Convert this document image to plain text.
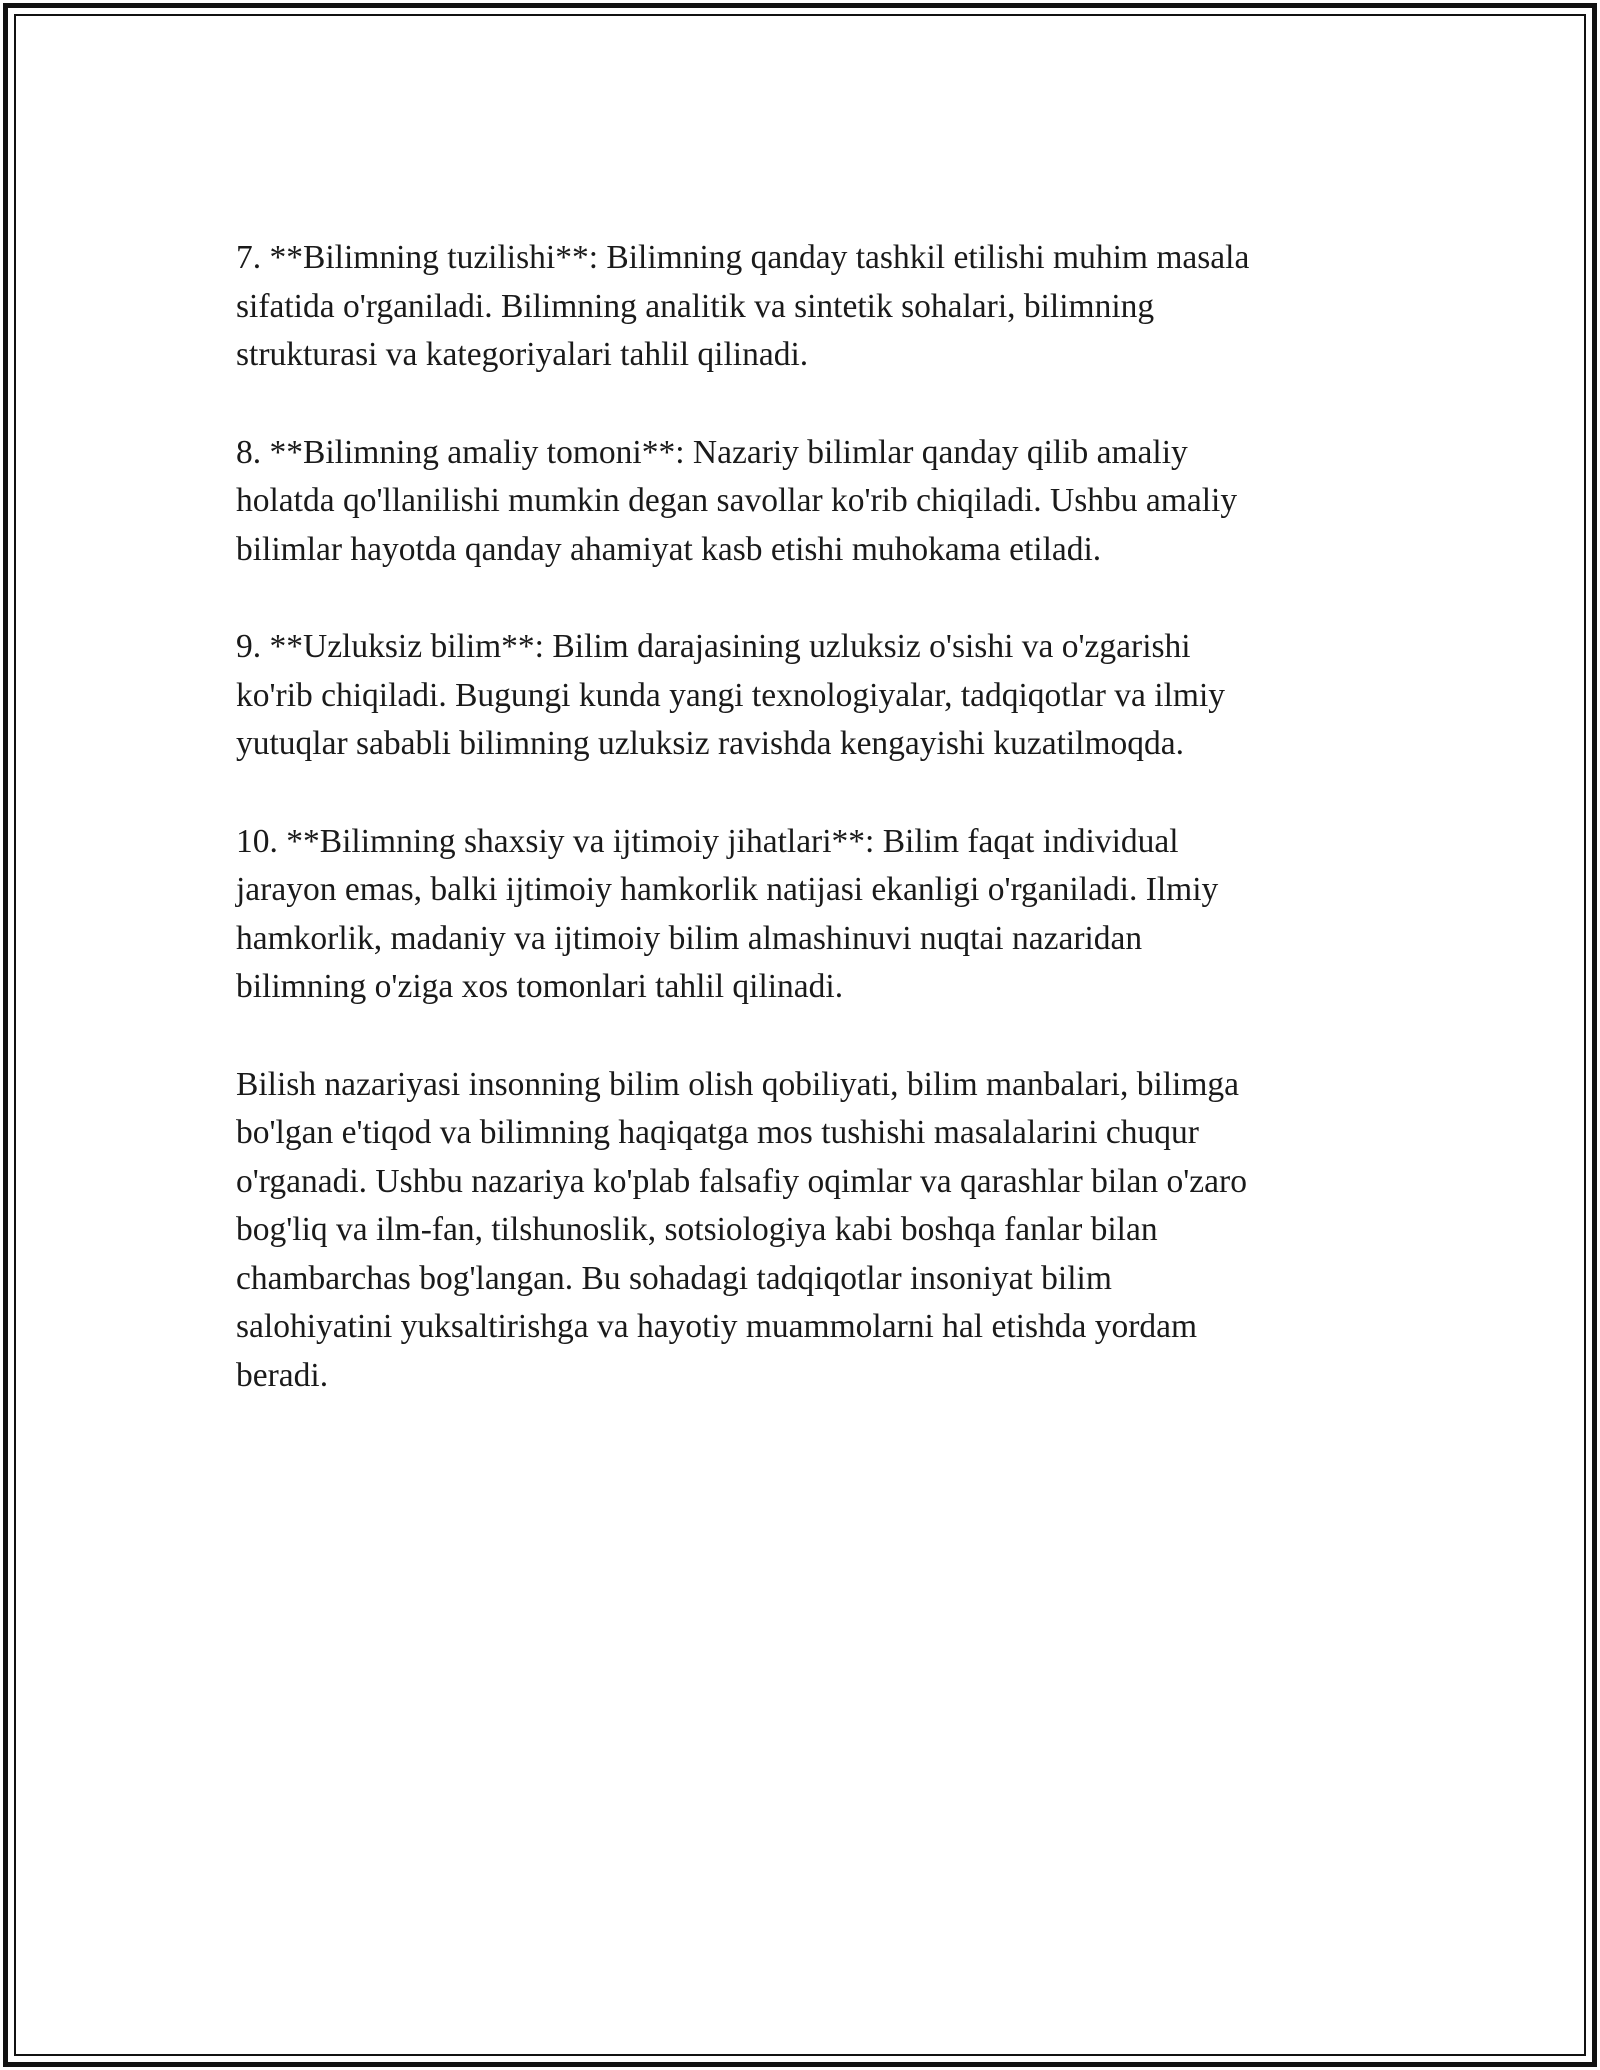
7. **Bilimning tuzilishi**: Bilimning qanday tashkil etilishi muhim masala
sifatida o'rganiladi. Bilimning analitik va sintetik sohalari, bilimning
strukturasi va kategoriyalari tahlil qilinadi.

8. **Bilimning amaliy tomoni**: Nazariy bilimlar qanday qilib amaliy
holatda qo'llanilishi mumkin degan savollar ko'rib chiqiladi. Ushbu amaliy
bilimlar hayotda qanday ahamiyat kasb etishi muhokama etiladi.

9. **Uzluksiz bilim**: Bilim darajasining uzluksiz o'sishi va o'zgarishi
ko'rib chiqiladi. Bugungi kunda yangi texnologiyalar, tadqiqotlar va ilmiy
yutuqlar sababli bilimning uzluksiz ravishda kengayishi kuzatilmoqda.

10. **Bilimning shaxsiy va ijtimoiy jihatlari**: Bilim faqat individual
jarayon emas, balki ijtimoiy hamkorlik natijasi ekanligi o'rganiladi. Ilmiy
hamkorlik, madaniy va ijtimoiy bilim almashinuvi nuqtai nazaridan
bilimning o'ziga xos tomonlari tahlil qilinadi.

Bilish nazariyasi insonning bilim olish qobiliyati, bilim manbalari, bilimga
bo'lgan e'tiqod va bilimning haqiqatga mos tushishi masalalarini chuqur
o'rganadi. Ushbu nazariya ko'plab falsafiy oqimlar va qarashlar bilan o'zaro
bog'liq va ilm-fan, tilshunoslik, sotsiologiya kabi boshqa fanlar bilan
chambarchas bog'langan. Bu sohadagi tadqiqotlar insoniyat bilim
salohiyatini yuksaltirishga va hayotiy muammolarni hal etishda yordam
beradi.
